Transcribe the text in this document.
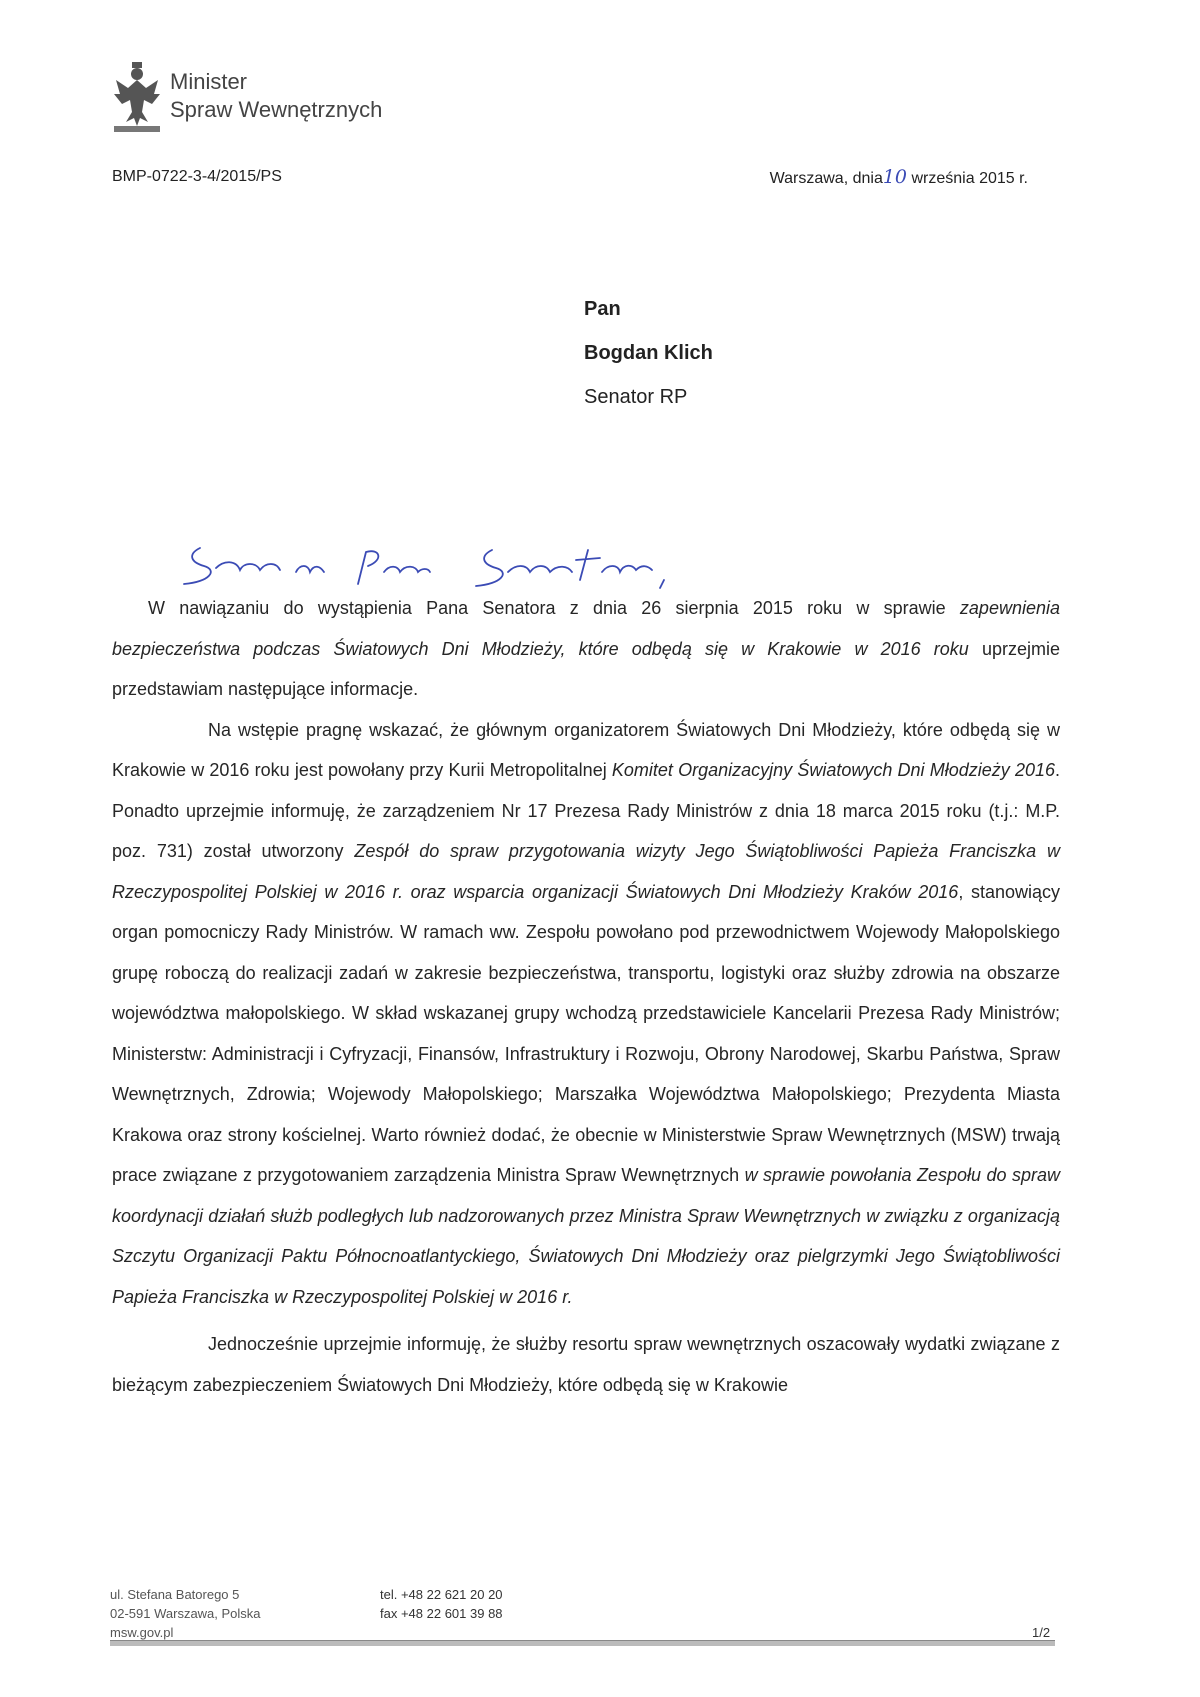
Minister
Spraw Wewnętrznych
BMP-0722-3-4/2015/PS	Warszawa, dnia10 września 2015 r.
Pan
Bogdan Klich
Senator RP

W nawiązaniu do wystąpienia Pana Senatora z dnia 26 sierpnia 2015 roku w sprawie zapewnienia bezpieczeństwa podczas Światowych Dni Młodzieży, które odbędą się w Krakowie w 2016 roku uprzejmie przedstawiam następujące informacje.

Na wstępie pragnę wskazać, że głównym organizatorem Światowych Dni Młodzieży, które odbędą się w Krakowie w 2016 roku jest powołany przy Kurii Metropolitalnej Komitet Organizacyjny Światowych Dni Młodzieży 2016. Ponadto uprzejmie informuję, że zarządzeniem Nr 17 Prezesa Rady Ministrów z dnia 18 marca 2015 roku (t.j.: M.P. poz. 731) został utworzony Zespół do spraw przygotowania wizyty Jego Świątobliwości Papieża Franciszka w Rzeczypospolitej Polskiej w 2016 r. oraz wsparcia organizacji Światowych Dni Młodzieży Kraków 2016, stanowiący organ pomocniczy Rady Ministrów. W ramach ww. Zespołu powołano pod przewodnictwem Wojewody Małopolskiego grupę roboczą do realizacji zadań w zakresie bezpieczeństwa, transportu, logistyki oraz służby zdrowia na obszarze województwa małopolskiego. W skład wskazanej grupy wchodzą przedstawiciele Kancelarii Prezesa Rady Ministrów; Ministerstw: Administracji i Cyfryzacji, Finansów, Infrastruktury i Rozwoju, Obrony Narodowej, Skarbu Państwa, Spraw Wewnętrznych, Zdrowia; Wojewody Małopolskiego; Marszałka Województwa Małopolskiego; Prezydenta Miasta Krakowa oraz strony kościelnej. Warto również dodać, że obecnie w Ministerstwie Spraw Wewnętrznych (MSW) trwają prace związane z przygotowaniem zarządzenia Ministra Spraw Wewnętrznych w sprawie powołania Zespołu do spraw koordynacji działań służb podległych lub nadzorowanych przez Ministra Spraw Wewnętrznych w związku z organizacją Szczytu Organizacji Paktu Północnoatlantyckiego, Światowych Dni Młodzieży oraz pielgrzymki Jego Świątobliwości Papieża Franciszka w Rzeczypospolitej Polskiej w 2016 r.

Jednocześnie uprzejmie informuję, że służby resortu spraw wewnętrznych oszacowały wydatki związane z bieżącym zabezpieczeniem Światowych Dni Młodzieży, które odbędą się w Krakowie

ul. Stefana Batorego 5
02-591 Warszawa, Polska
msw.gov.pl
tel. +48 22 621 20 20
fax +48 22 601 39 88
1/2
